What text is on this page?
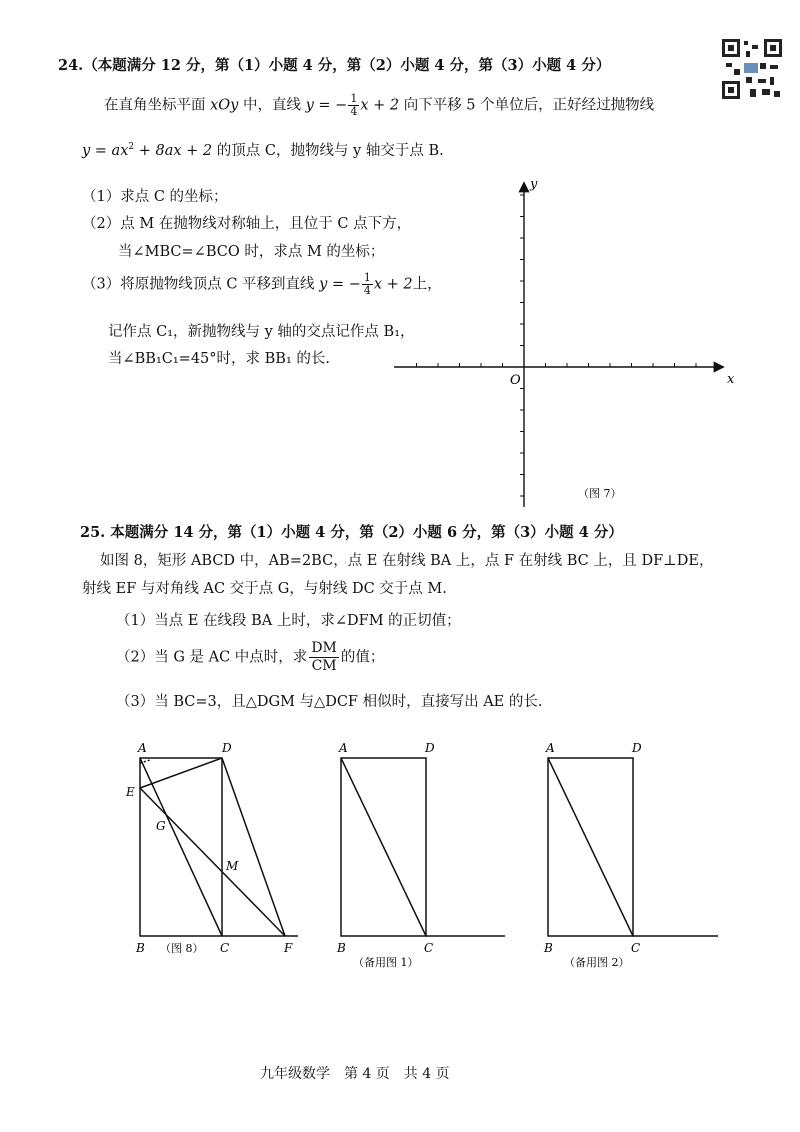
24.（本题满分 12 分，第（1）小题 4 分，第（2）小题 4 分，第（3）小题 4 分）
在直角坐标平面 xOy 中，直线 y = − $\frac{1}{4}$ x + 2 向下平移 5 个单位后，正好经过抛物线
$y = ax^2 + 8ax + 2$ 的顶点 C，抛物线与 y 轴交于点 B.
（1）求点 C 的坐标；
（2）点 M 在抛物线对称轴上，且位于 C 点下方，
当∠MBC=∠BCO 时，求点 M 的坐标；
（3）将原抛物线顶点 C 平移到直线 y = − $\frac{1}{4}$ x + 2上，
记作点 C₁，新抛物线与 y 轴的交点记作点 B₁，
当∠BB₁C₁=45°时，求 BB₁ 的长.
x
y
O
（图 7）
25. 本题满分 14 分，第（1）小题 4 分，第（2）小题 6 分，第（3）小题 4 分）
如图 8，矩形 ABCD 中，AB=2BC，点 E 在射线 BA 上，点 F 在射线 BC 上，且 DF⊥DE，
射线 EF 与对角线 AC 交于点 G，与射线 DC 交于点 M.
（1）当点 E 在线段 BA 上时，求∠DFM 的正切值；
（2）当 G 是 AC 中点时，求 $\frac{DM}{CM}$ 的值；
（3）当 BC=3，且△DGM 与△DCF 相似时，直接写出 AE 的长.
A	D
E
G
M
B	C	F
（图 8）
A	D
B	C
（备用图 1）
A	D
B	C
（备用图 2）
九年级数学　第 4 页　共 4 页
